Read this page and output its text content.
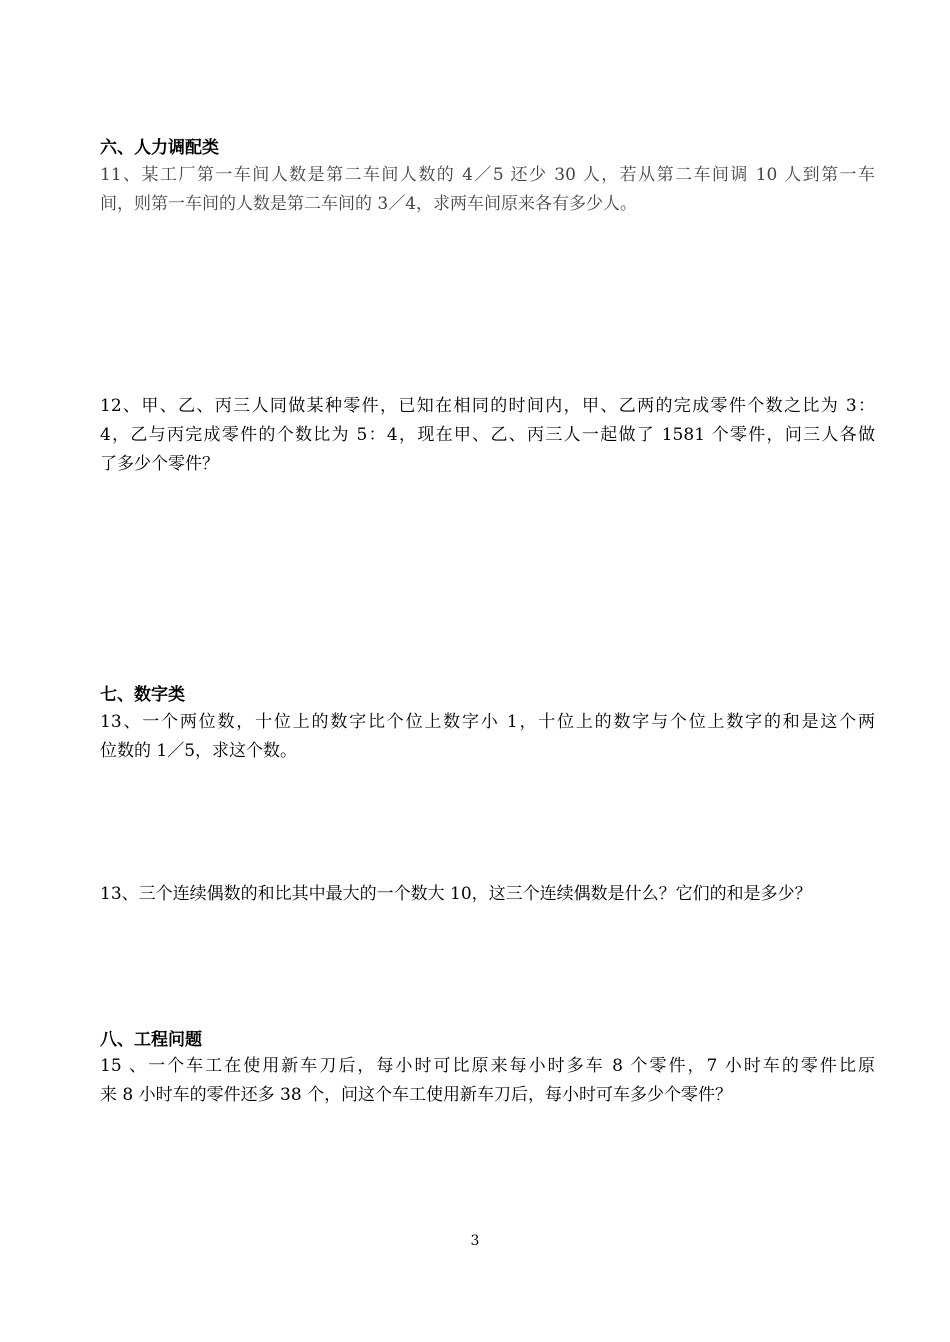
六、人力调配类
11、某工厂第一车间人数是第二车间人数的 4／5 还少 30 人，若从第二车间调 10 人到第一车
间，则第一车间的人数是第二车间的 3／4，求两车间原来各有多少人。
12、甲、乙、丙三人同做某种零件，已知在相同的时间内，甲、乙两的完成零件个数之比为 3：
4，乙与丙完成零件的个数比为 5：4，现在甲、乙、丙三人一起做了 1581 个零件，问三人各做
了多少个零件？
七、数字类
13、一个两位数，十位上的数字比个位上数字小 1，十位上的数字与个位上数字的和是这个两
位数的 1／5，求这个数。
13、三个连续偶数的和比其中最大的一个数大 10，这三个连续偶数是什么？它们的和是多少？
八、工程问题
15 、一个车工在使用新车刀后，每小时可比原来每小时多车 8 个零件，7 小时车的零件比原
来 8 小时车的零件还多 38 个，问这个车工使用新车刀后，每小时可车多少个零件？
3
